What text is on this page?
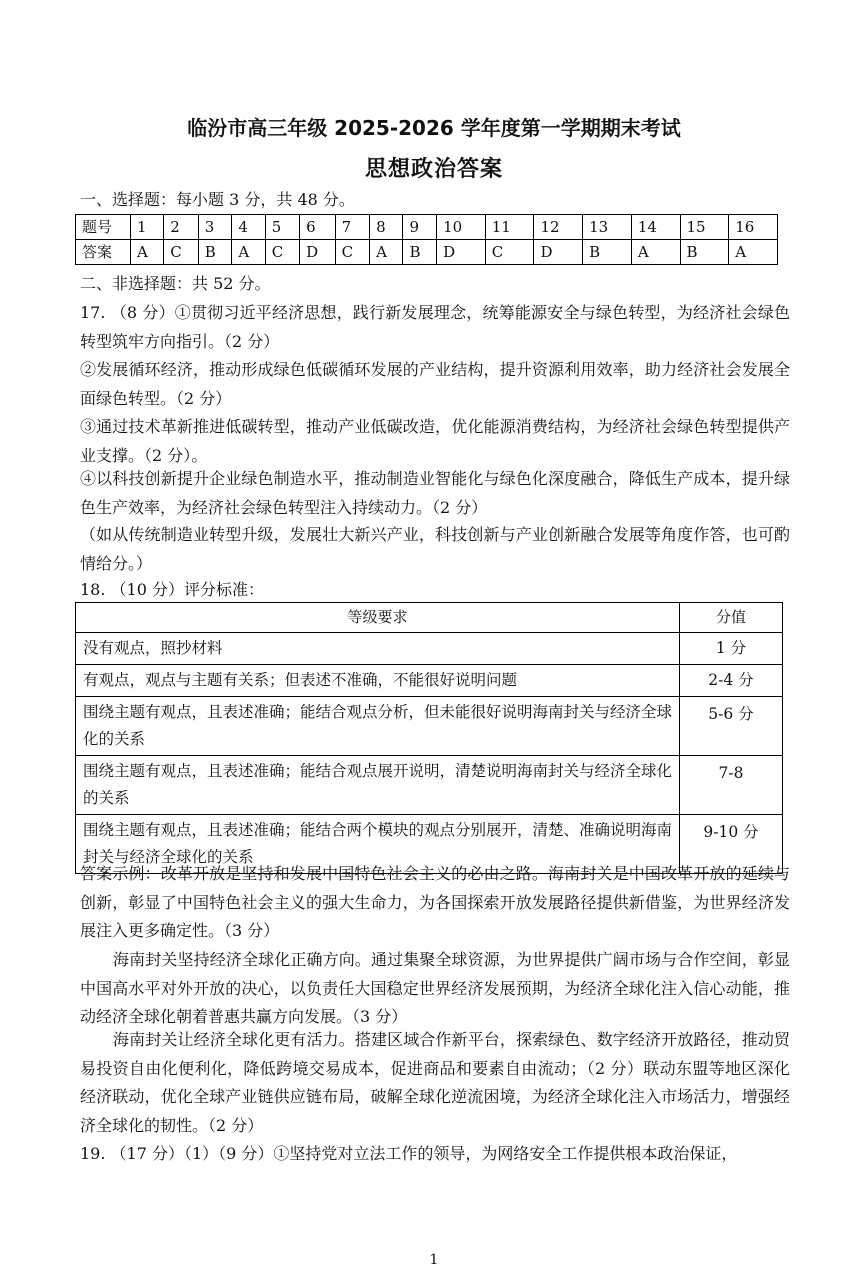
临汾市高三年级 2025-2026 学年度第一学期期末考试
思想政治答案
一、选择题：每小题 3 分，共 48 分。
题号	1	2	3	4	5	6	7	8	9	10	11	12	13	14	15	16
答案	A	C	B	A	C	D	C	A	B	D	C	D	B	A	B	A
二、非选择题：共 52 分。
17. （8 分）①贯彻习近平经济思想，践行新发展理念，统筹能源安全与绿色转型，为经济社会绿色转型筑牢方向指引。（2 分）
②发展循环经济，推动形成绿色低碳循环发展的产业结构，提升资源利用效率，助力经济社会发展全面绿色转型。（2 分）
③通过技术革新推进低碳转型，推动产业低碳改造，优化能源消费结构，为经济社会绿色转型提供产业支撑。（2 分）。
④以科技创新提升企业绿色制造水平，推动制造业智能化与绿色化深度融合，降低生产成本，提升绿色生产效率，为经济社会绿色转型注入持续动力。（2 分）
（如从传统制造业转型升级，发展壮大新兴产业，科技创新与产业创新融合发展等角度作答，也可酌情给分。）
18. （10 分）评分标准：
等级要求	分值
没有观点，照抄材料	1 分
有观点，观点与主题有关系；但表述不准确，不能很好说明问题	2-4 分
围绕主题有观点，且表述准确；能结合观点分析，但未能很好说明海南封关与经济全球化的关系	5-6 分
围绕主题有观点，且表述准确；能结合观点展开说明，清楚说明海南封关与经济全球化的关系	7-8
围绕主题有观点，且表述准确；能结合两个模块的观点分别展开，清楚、准确说明海南封关与经济全球化的关系	9-10 分
答案示例：改革开放是坚持和发展中国特色社会主义的必由之路。海南封关是中国改革开放的延续与创新，彰显了中国特色社会主义的强大生命力，为各国探索开放发展路径提供新借鉴，为世界经济发展注入更多确定性。（3 分）
海南封关坚持经济全球化正确方向。通过集聚全球资源，为世界提供广阔市场与合作空间，彰显中国高水平对外开放的决心，以负责任大国稳定世界经济发展预期，为经济全球化注入信心动能，推动经济全球化朝着普惠共赢方向发展。（3 分）
海南封关让经济全球化更有活力。搭建区域合作新平台，探索绿色、数字经济开放路径，推动贸易投资自由化便利化，降低跨境交易成本，促进商品和要素自由流动；（2 分）联动东盟等地区深化经济联动，优化全球产业链供应链布局，破解全球化逆流困境，为经济全球化注入市场活力，增强经济全球化的韧性。（2 分）
19. （17 分）（1）（9 分）①坚持党对立法工作的领导，为网络安全工作提供根本政治保证，
1
